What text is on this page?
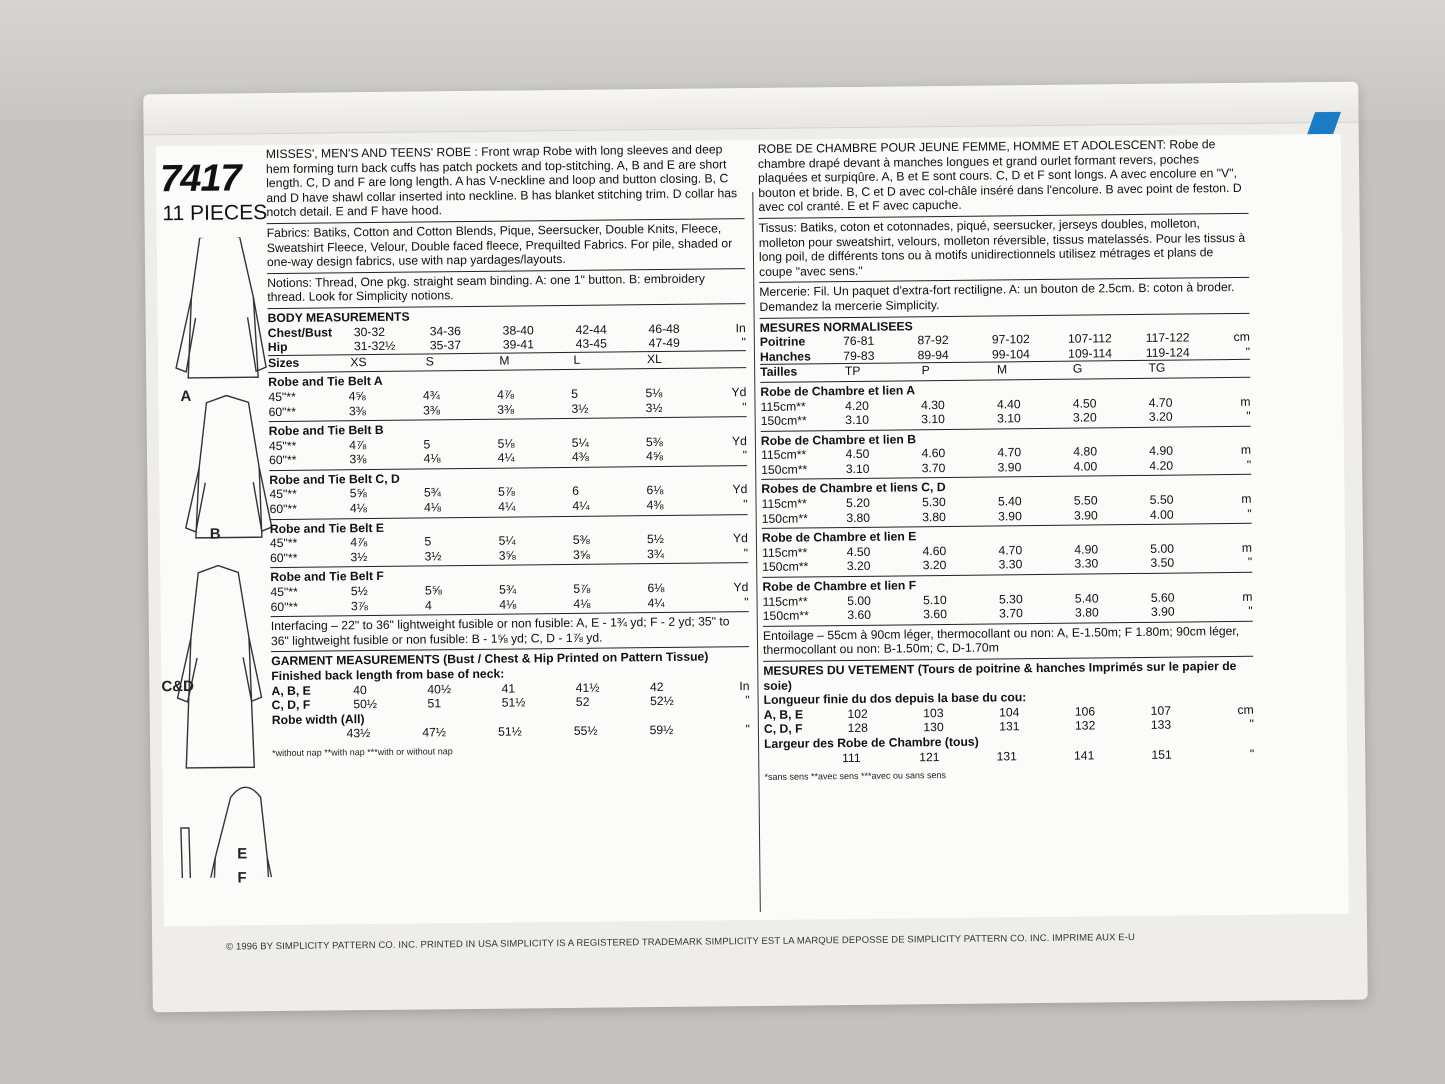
7417
11 PIECES
A
B
C&D
E
F

MISSES', MEN'S AND TEENS' ROBE : Front wrap Robe with long sleeves and deep hem forming turn back cuffs has patch pockets and top-stitching. A, B and E are short length. C, D and F are long length. A has V-neckline and loop and button closing. B, C and D have shawl collar inserted into neckline. B has blanket stitching trim. D collar has notch detail. E and F have hood.

Fabrics: Batiks, Cotton and Cotton Blends, Pique, Seersucker, Double Knits, Fleece, Sweatshirt Fleece, Velour, Double faced fleece, Prequilted Fabrics. For pile, shaded or one-way design fabrics, use with nap yardages/layouts.

Notions: Thread, One pkg. straight seam binding. A: one 1" button. B: embroidery thread. Look for Simplicity notions.

BODY MEASUREMENTS
Chest/Bust	30-32	34-36	38-40	42-44	46-48	In
Hip	31-32½	35-37	39-41	43-45	47-49	"
Sizes	XS	S	M	L	XL	
Robe and Tie Belt A
45"**	4⅝	4¾	4⅞	5	5⅛	Yd
60"**	3⅜	3⅜	3⅜	3½	3½	"
Robe and Tie Belt B
45"**	4⅞	5	5⅛	5¼	5⅜	Yd
60"**	3⅜	4⅛	4¼	4⅜	4⅝	"
Robe and Tie Belt C, D
45"**	5⅝	5¾	5⅞	6	6⅛	Yd
60"**	4⅛	4⅛	4¼	4¼	4⅜	"
Robe and Tie Belt E
45"**	4⅞	5	5¼	5⅜	5½	Yd
60"**	3½	3½	3⅝	3⅝	3¾	"
Robe and Tie Belt F
45"**	5½	5⅝	5¾	5⅞	6⅛	Yd
60"**	3⅞	4	4⅛	4⅛	4¼	"

Interfacing – 22" to 36" lightweight fusible or non fusible: A, E - 1¾ yd; F - 2 yd; 35" to 36" lightweight fusible or non fusible: B - 1⅝ yd; C, D - 1⅞ yd.

GARMENT MEASUREMENTS (Bust / Chest & Hip Printed on Pattern Tissue)
Finished back length from base of neck:
A, B, E	40	40½	41	41½	42	In
C, D, F	50½	51	51½	52	52½	"
Robe width (All)
	43½	47½	51½	55½	59½	"
*without nap **with nap ***with or without nap

ROBE DE CHAMBRE POUR JEUNE FEMME, HOMME ET ADOLESCENT: Robe de chambre drapé devant à manches longues et grand ourlet formant revers, poches plaquées et surpiqûre. A, B et E sont cours. C, D et F sont longs. A avec encolure en "V", bouton et bride. B, C et D avec col-châle inséré dans l'encolure. B avec point de feston. D avec col cranté. E et F avec capuche.

Tissus: Batiks, coton et cotonnades, piqué, seersucker, jerseys doubles, molleton, molleton pour sweatshirt, velours, molleton réversible, tissus matelassés. Pour les tissus à long poil, de différents tons ou à motifs unidirectionnels utilisez métrages et plans de coupe "avec sens."

Mercerie: Fil. Un paquet d'extra-fort rectiligne. A: un bouton de 2.5cm. B: coton à broder. Demandez la mercerie Simplicity.

MESURES NORMALISEES
Poitrine	76-81	87-92	97-102	107-112	117-122	cm
Hanches	79-83	89-94	99-104	109-114	119-124	"
Tailles	TP	P	M	G	TG	
Robe de Chambre et lien A
115cm**	4.20	4.30	4.40	4.50	4.70	m
150cm**	3.10	3.10	3.10	3.20	3.20	"
Robe de Chambre et lien B
115cm**	4.50	4.60	4.70	4.80	4.90	m
150cm**	3.10	3.70	3.90	4.00	4.20	"
Robes de Chambre et liens C, D
115cm**	5.20	5.30	5.40	5.50	5.50	m
150cm**	3.80	3.80	3.90	3.90	4.00	"
Robe de Chambre et lien E
115cm**	4.50	4.60	4.70	4.90	5.00	m
150cm**	3.20	3.20	3.30	3.30	3.50	"
Robe de Chambre et lien F
115cm**	5.00	5.10	5.30	5.40	5.60	m
150cm**	3.60	3.60	3.70	3.80	3.90	"

Entoilage – 55cm à 90cm léger, thermocollant ou non: A, E-1.50m; F 1.80m; 90cm léger, thermocollant ou non: B-1.50m; C, D-1.70m

MESURES DU VETEMENT (Tours de poitrine & hanches Imprimés sur le papier de soie)
Longueur finie du dos depuis la base du cou:
A, B, E	102	103	104	106	107	cm
C, D, F	128	130	131	132	133	"
Largeur des Robe de Chambre (tous)
	111	121	131	141	151	"
*sans sens **avec sens ***avec ou sans sens
© 1996 BY SIMPLICITY PATTERN CO. INC. PRINTED IN USA SIMPLICITY IS A REGISTERED TRADEMARK SIMPLICITY EST LA MARQUE DEPOSSE DE SIMPLICITY PATTERN CO. INC. IMPRIME AUX E-U
